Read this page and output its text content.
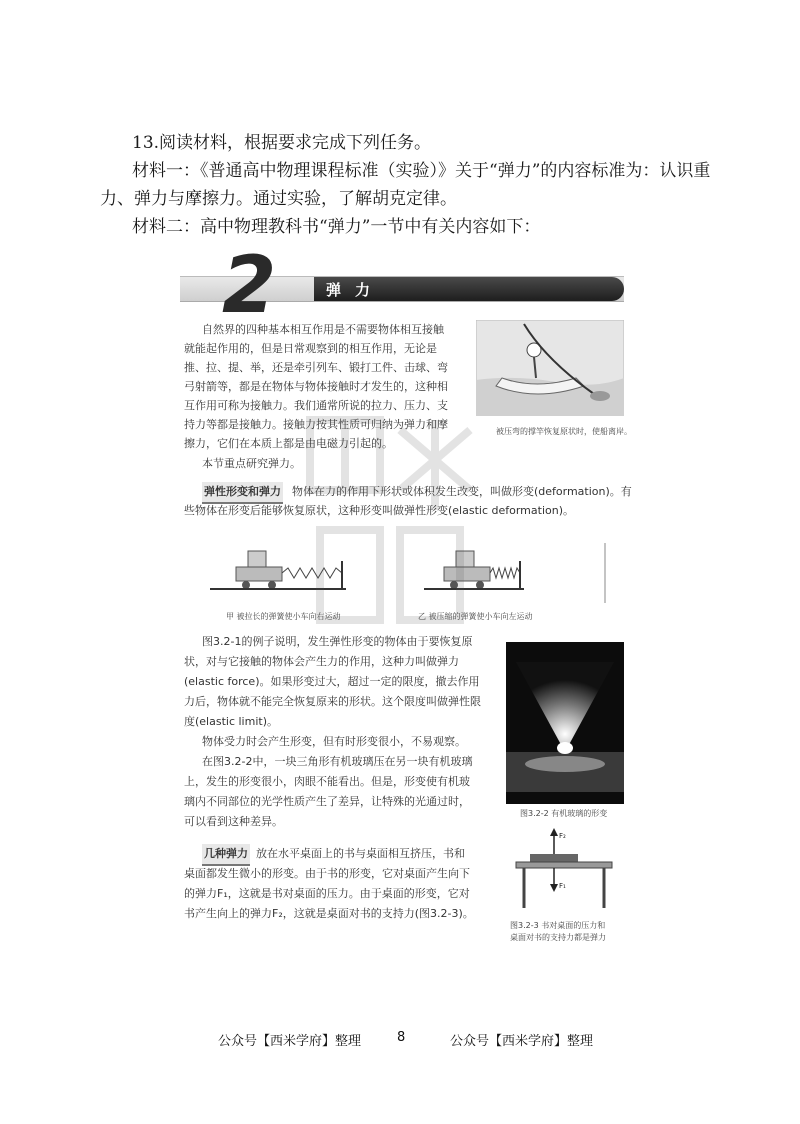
13.阅读材料，根据要求完成下列任务。
材料一：《普通高中物理课程标准（实验）》关于“弹力”的内容标准为：认识重
力、弹力与摩擦力。通过实验，了解胡克定律。
材料二：高中物理教科书“弹力”一节中有关内容如下：
弹力
2
自然界的四种基本相互作用是不需要物体相互接触
就能起作用的，但是日常观察到的相互作用，无论是
推、拉、提、举，还是牵引列车、锻打工件、击球、弯
弓射箭等，都是在物体与物体接触时才发生的，这种相
互作用可称为接触力。我们通常所说的拉力、压力、支
持力等都是接触力。接触力按其性质可归纳为弹力和摩
擦力，它们在本质上都是由电磁力引起的。
本节重点研究弹力。
被压弯的撑竿恢复原状时，使船离岸。
弹性形变和弹力 物体在力的作用下形状或体积发生改变，叫做形变(deformation)。有
些物体在形变后能够恢复原状，这种形变叫做弹性形变(elastic deformation)。
甲 被拉长的弹簧使小车向右运动	乙 被压缩的弹簧使小车向左运动
图3.2-1的例子说明，发生弹性形变的物体由于要恢复原
状，对与它接触的物体会产生力的作用，这种力叫做弹力
(elastic force)。如果形变过大，超过一定的限度，撤去作用
力后，物体就不能完全恢复原来的形状。这个限度叫做弹性限
度(elastic limit)。
物体受力时会产生形变，但有时形变很小，不易观察。
在图3.2-2中，一块三角形有机玻璃压在另一块有机玻璃
上，发生的形变很小，肉眼不能看出。但是，形变使有机玻
璃内不同部位的光学性质产生了差异，让特殊的光通过时，
可以看到这种差异。
图3.2-2 有机玻璃的形变
几种弹力 放在水平桌面上的书与桌面相互挤压，书和
桌面都发生微小的形变。由于书的形变，它对桌面产生向下
的弹力F₁，这就是书对桌面的压力。由于桌面的形变，它对
书产生向上的弹力F₂，这就是桌面对书的支持力(图3.2-3)。
F₂
F₁
图3.2-3 书对桌面的压力和
桌面对书的支持力都是弹力
公众号【西米学府】整理	8	公众号【西米学府】整理
